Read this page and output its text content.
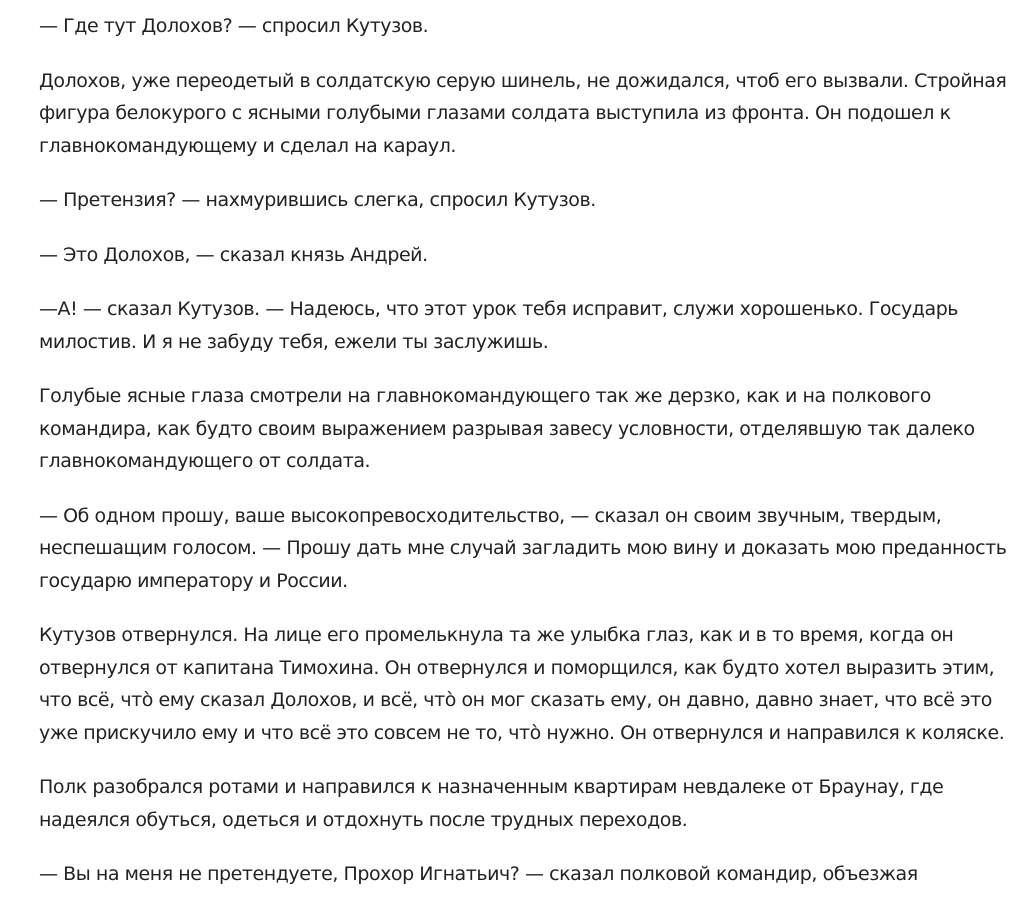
— Где тут Долохов? — спросил Кутузов.

Долохов, уже переодетый в солдатскую серую шинель, не дожидался, чтоб его вызвали. Стройная
фигура белокурого с ясными голубыми глазами солдата выступила из фронта. Он подошел к
главнокомандующему и сделал на караул.

— Претензия? — нахмурившись слегка, спросил Кутузов.

— Это Долохов, — сказал князь Андрей.

—А! — сказал Кутузов. — Надеюсь, что этот урок тебя исправит, служи хорошенько. Государь
милостив. И я не забуду тебя, ежели ты заслужишь.

Голубые ясные глаза смотрели на главнокомандующего так же дерзко, как и на полкового
командира, как будто своим выражением разрывая завесу условности, отделявшую так далеко
главнокомандующего от солдата.

— Об одном прошу, ваше высокопревосходительство, — сказал он своим звучным, твердым,
неспешащим голосом. — Прошу дать мне случай загладить мою вину и доказать мою преданность
государю императору и России.

Кутузов отвернулся. На лице его промелькнула та же улыбка глаз, как и в то время, когда он
отвернулся от капитана Тимохина. Он отвернулся и поморщился, как будто хотел выразить этим,
что всё, что̀ ему сказал Долохов, и всё, что̀ он мог сказать ему, он давно, давно знает, что всё это
уже прискучило ему и что всё это совсем не то, что̀ нужно. Он отвернулся и направился к коляске.

Полк разобрался ротами и направился к назначенным квартирам невдалеке от Браунау, где
надеялся обуться, одеться и отдохнуть после трудных переходов.

— Вы на меня не претендуете, Прохор Игнатьич? — сказал полковой командир, объезжая
